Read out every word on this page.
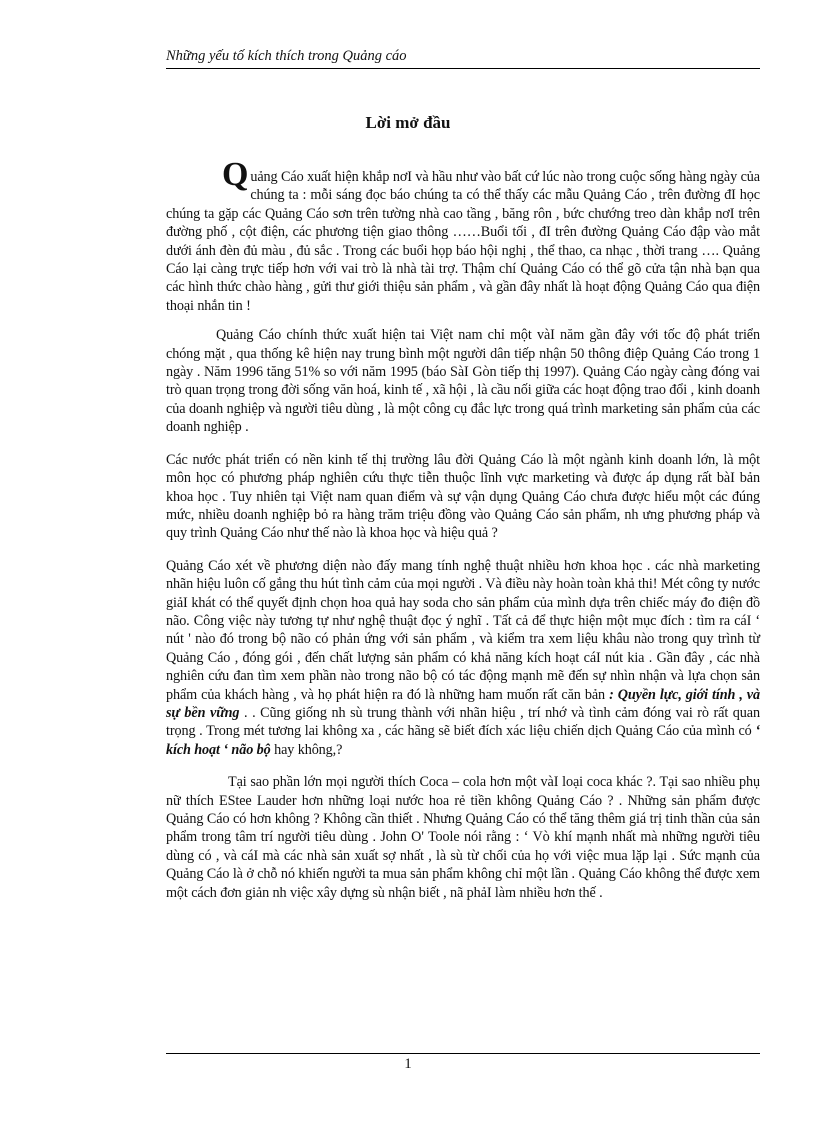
Những yếu tố kích thích trong Quảng cáo
Lời mở đầu

Quảng Cáo xuất hiện khắp nơI và hầu như vào bất cứ lúc nào trong cuộc sống hàng ngày của chúng ta : mỗi sáng đọc báo chúng ta có thể thấy các mẫu Quảng Cáo , trên đường đI học chúng ta gặp các Quảng Cáo sơn trên tường nhà cao tầng , băng rôn , bức chướng treo dàn khắp nơI trên đường phố , cột điện, các phương tiện giao thông ……Buổi tối , đI trên đường Quảng Cáo đập vào mắt dưới ánh đèn đủ màu , đủ sắc . Trong các buổi họp báo hội nghị , thể thao, ca nhạc , thời trang …. Quảng Cáo lại càng trực tiếp hơn với vai trò là nhà tài trợ. Thậm chí Quảng Cáo có thể gõ cửa tận nhà bạn qua các hình thức chào hàng , gửi thư giới thiệu sản phẩm , và gần đây nhất là hoạt động Quảng Cáo qua điện thoại nhắn tin !

Quảng Cáo chính thức xuất hiện tai Việt nam chỉ một vàI năm gần đây với tốc độ phát triển chóng mặt , qua thống kê hiện nay trung bình một người dân tiếp nhận 50 thông điệp Quảng Cáo trong 1 ngày . Năm 1996 tăng 51% so với năm 1995 (báo SàI Gòn tiếp thị 1997). Quảng Cáo ngày càng đóng vai trò quan trọng trong đời sống văn hoá, kinh tế , xã hội , là cầu nối giữa các hoạt động trao đổi , kinh doanh của doanh nghiệp và người tiêu dùng , là một công cụ đắc lực trong quá trình marketing sản phẩm của các doanh nghiệp .

Các nước phát triển có nền kinh tế thị trường lâu đời Quảng Cáo là một ngành kinh doanh lớn, là một môn học có phương pháp nghiên cứu thực tiễn thuộc lĩnh vực marketing và được áp dụng rất bàI bản khoa học . Tuy nhiên tại Việt nam quan điểm và sự vận dụng Quảng Cáo chưa được hiểu một các đúng mức, nhiều doanh nghiệp bỏ ra hàng trăm triệu đồng vào Quảng Cáo sản phẩm, nh ưng phương pháp và quy trình Quảng Cáo như thế nào là khoa học và hiệu quả ?

Quảng Cáo xét về phương diện nào đấy mang tính nghệ thuật nhiều hơn khoa học . các nhà marketing nhãn hiệu luôn cố gắng thu hút tình cảm của mọi người . Và điều này hoàn toàn khả thi! Mét công ty nước giảI khát có thể quyết định chọn hoa quả hay soda cho sản phẩm của mình dựa trên chiếc máy đo điện đồ não. Công việc này tương tự như nghệ thuật đọc ý nghĩ . Tất cả để thực hiện một mục đích : tìm ra cáI ‘ nút ' nào đó trong bộ não có phản ứng với sản phẩm , và kiểm tra xem liệu khâu nào trong quy trình từ Quảng Cáo , đóng gói , đến chất lượng sản phẩm có khả năng kích hoạt cáI nút kia . Gần đây , các nhà nghiên cứu đan tìm xem phần nào trong não bộ có tác động mạnh mẽ đến sự nhìn nhận và lựa chọn sản phẩm của khách hàng , và họ phát hiện ra đó là những ham muốn rất căn bản : Quyền lực, giới tính , và sự bền vững . . Cũng giống nh sù trung thành với nhãn hiệu , trí nhớ và tình cảm đóng vai rò rất quan trọng . Trong mét tương lai không xa , các hãng sẽ biết đích xác liệu chiến dịch Quảng Cáo của mình có ‘ kích hoạt ‘ não bộ hay không,?

Tại sao phần lớn mọi người thích Coca – cola hơn một vàI loại coca khác ?. Tại sao nhiều phụ nữ thích EStee Lauder hơn những loại nước hoa rẻ tiền không Quảng Cáo ? . Những sản phẩm được Quảng Cáo có hơn không ? Không cần thiết . Nhưng Quảng Cáo có thể tăng thêm giá trị tinh thần của sản phẩm trong tâm trí người tiêu dùng . John O' Toole nói rằng : ‘ Vò khí mạnh nhất mà những người tiêu dùng có , và cáI mà các nhà sản xuất sợ nhất , là sù từ chối của họ với việc mua lặp lại . Sức mạnh của Quảng Cáo là ở chỗ nó khiến người ta mua sản phẩm không chỉ một lần . Quảng Cáo không thể được xem một cách đơn giản nh việc xây dựng sù nhận biết , nã phảI làm nhiều hơn thế .

1
